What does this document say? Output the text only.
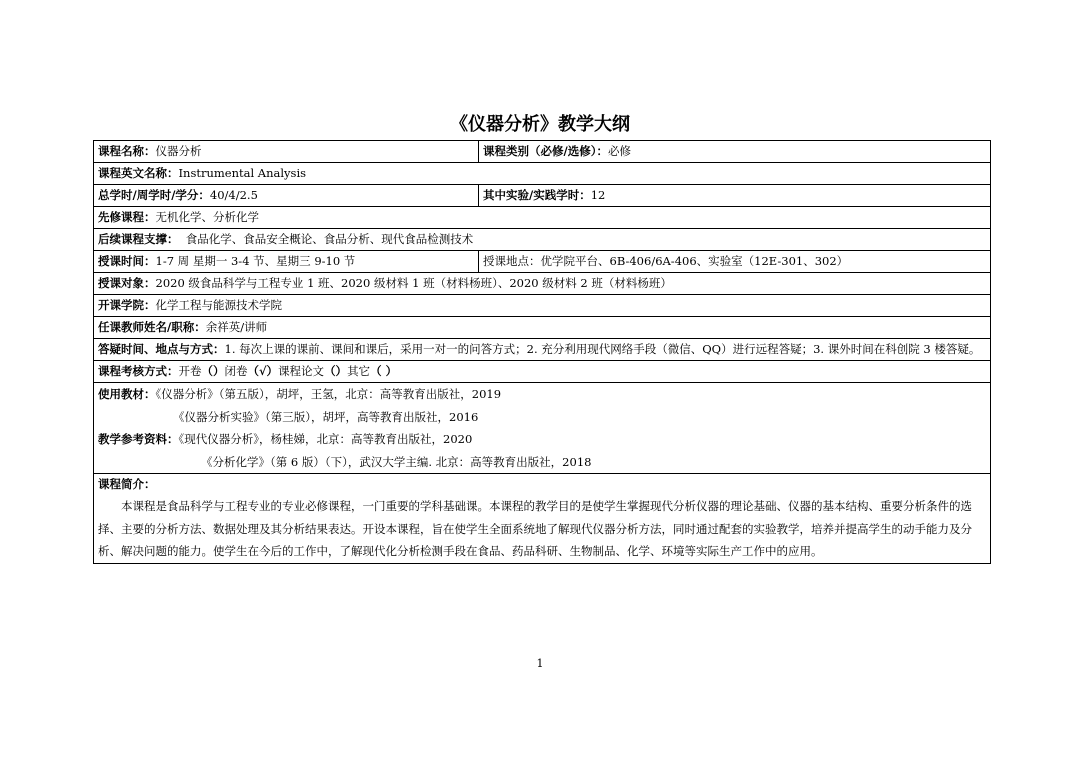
《仪器分析》教学大纲
课程名称：仪器分析	课程类别（必修/选修）：必修
课程英文名称：Instrumental Analysis	
总学时/周学时/学分：40/4/2.5	其中实验/实践学时：12
先修课程：无机化学、分析化学	
后续课程支撑：  食品化学、食品安全概论、食品分析、现代食品检测技术	
授课时间：1-7 周 星期一 3-4 节、星期三 9-10 节	授课地点：优学院平台、6B-406/6A-406、实验室（12E-301、302）
授课对象：2020 级食品科学与工程专业 1 班、2020 级材料 1 班（材料杨班）、2020 级材料 2 班（材料杨班）	
开课学院：化学工程与能源技术学院	
任课教师姓名/职称：余祥英/讲师	
答疑时间、地点与方式：1. 每次上课的课前、课间和课后，采用一对一的问答方式；2. 充分利用现代网络手段（微信、QQ）进行远程答疑；3. 课外时间在科创院 3 楼答疑。	
课程考核方式：开卷（）闭卷（√）课程论文（）其它（ ）	

使用教材：《仪器分析》（第五版），胡坪，王氢，北京：高等教育出版社，2019
《仪器分析实验》（第三版），胡坪，高等教育出版社，2016
教学参考资料：《现代仪器分析》，杨桂娣，北京：高等教育出版社，2020
《分析化学》（第 6 版）（下），武汉大学主编. 北京：高等教育出版社，2018	

课程简介：
本课程是食品科学与工程专业的专业必修课程，一门重要的学科基础课。本课程的教学目的是使学生掌握现代分析仪器的理论基础、仪器的基本结构、重要分析条件的选择、主要的分析方法、数据处理及其分析结果表达。开设本课程，旨在使学生全面系统地了解现代仪器分析方法，同时通过配套的实验教学，培养并提高学生的动手能力及分析、解决问题的能力。使学生在今后的工作中，了解现代化分析检测手段在食品、药品科研、生物制品、化学、环境等实际生产工作中的应用。	
1
